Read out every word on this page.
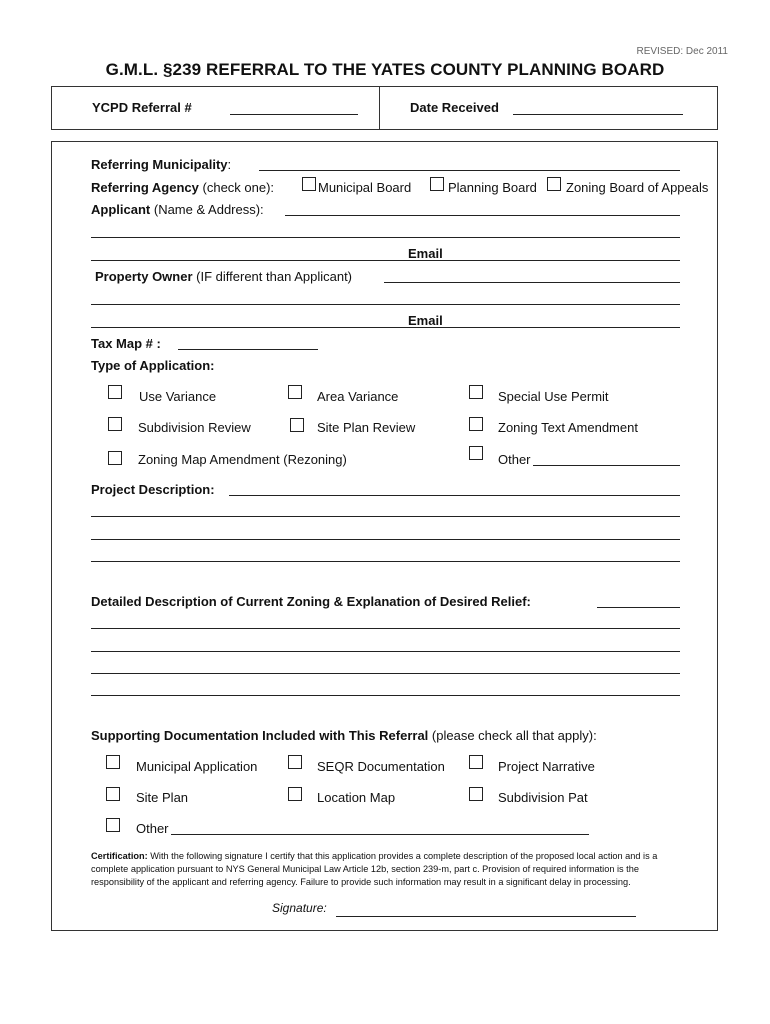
REVISED: Dec 2011
G.M.L. §239 REFERRAL TO THE YATES COUNTY PLANNING BOARD
YCPD Referral #	Date Received
Referring Municipality:
Referring Agency (check one):	Municipal Board	Planning Board Zoning Board of Appeals
Applicant (Name & Address):
Email
Property Owner (IF different than Applicant)
Email
Tax Map # :
Type of Application:
Use Variance	Area Variance	Special Use Permit
Subdivision Review	Site Plan Review	Zoning Text Amendment
Zoning Map Amendment (Rezoning)	Other
Project Description:
Detailed Description of Current Zoning & Explanation of Desired Relief:
Supporting Documentation Included with This Referral (please check all that apply):
Municipal Application	SEQR Documentation	Project Narrative
Site Plan	Location Map	Subdivision Pat
Other
Certification: With the following signature I certify that this application provides a complete description of the proposed local action and is a complete application pursuant to NYS General Municipal Law Article 12b, section 239-m, part c. Provision of required information is the responsibility of the applicant and referring agency. Failure to provide such information may result in a significant delay in processing.
Signature:
